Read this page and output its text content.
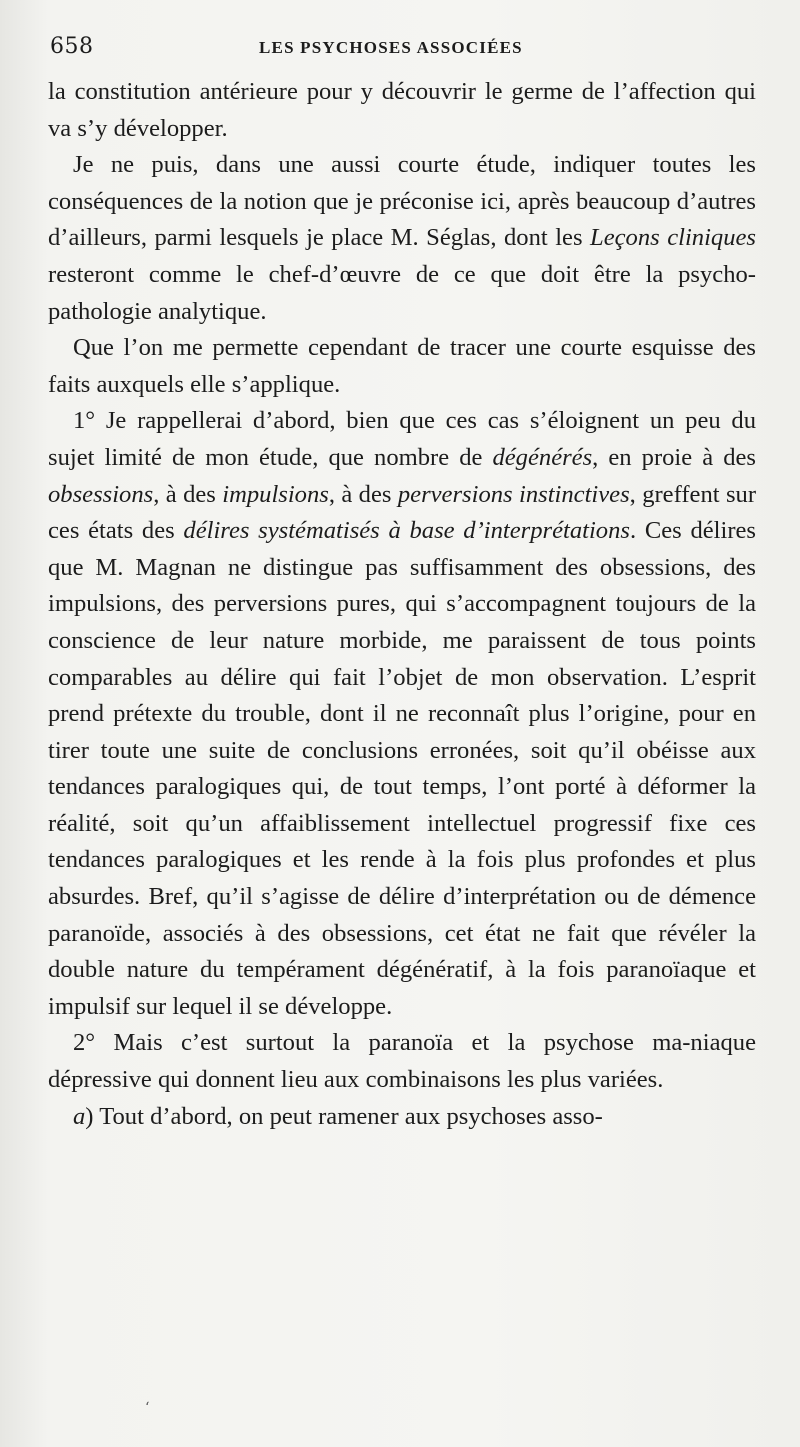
658	LES PSYCHOSES ASSOCIÉES

la constitution antérieure pour y découvrir le germe de l’affection qui va s’y développer.

Je ne puis, dans une aussi courte étude, indiquer toutes les conséquences de la notion que je préconise ici, après beaucoup d’autres d’ailleurs, parmi lesquels je place M. Séglas, dont les Leçons cliniques resteront comme le chef-d’œuvre de ce que doit être la psycho-pathologie analytique.

Que l’on me permette cependant de tracer une courte esquisse des faits auxquels elle s’applique.

1° Je rappellerai d’abord, bien que ces cas s’éloignent un peu du sujet limité de mon étude, que nombre de dégénérés, en proie à des obsessions, à des impulsions, à des perversions instinctives, greffent sur ces états des délires systématisés à base d’interprétations. Ces délires que M. Magnan ne distingue pas suffisamment des obsessions, des impulsions, des perversions pures, qui s’accompagnent toujours de la conscience de leur nature morbide, me paraissent de tous points comparables au délire qui fait l’objet de mon observation. L’esprit prend prétexte du trouble, dont il ne reconnaît plus l’origine, pour en tirer toute une suite de conclusions erronées, soit qu’il obéisse aux tendances paralogiques qui, de tout temps, l’ont porté à déformer la réalité, soit qu’un affaiblissement intellectuel progressif fixe ces tendances paralogiques et les rende à la fois plus profondes et plus absurdes. Bref, qu’il s’agisse de délire d’interprétation ou de démence paranoïde, associés à des obsessions, cet état ne fait que révéler la double nature du tempérament dégénératif, à la fois paranoïaque et impulsif sur lequel il se développe.

2° Mais c’est surtout la paranoïa et la psychose ma-niaque dépressive qui donnent lieu aux combinaisons les plus variées.

a) Tout d’abord, on peut ramener aux psychoses asso-

ʻ
